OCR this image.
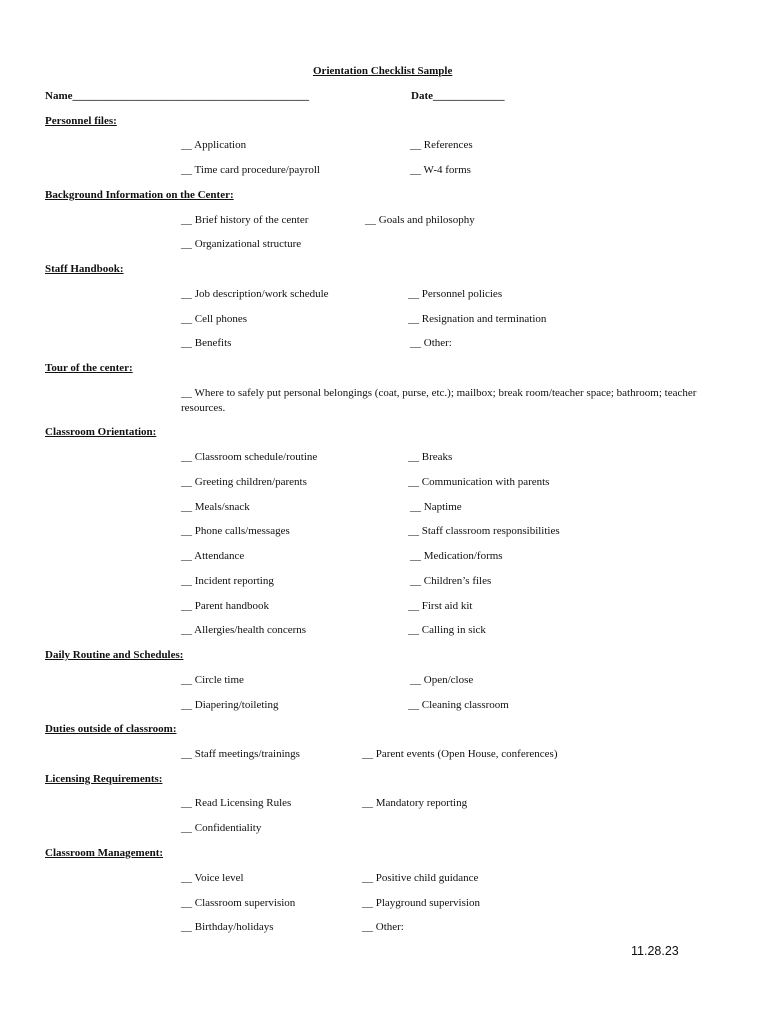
Orientation Checklist Sample
Name___________________________________________	Date_____________
Personnel files:
__ Application	__ References
__ Time card procedure/payroll	__ W-4 forms
Background Information on the Center:
__ Brief history of the center	__ Goals and philosophy
__ Organizational structure
Staff Handbook:
__ Job description/work schedule	__ Personnel policies
__ Cell phones	__ Resignation and termination
__ Benefits	__ Other:
Tour of the center:
__ Where to safely put personal belongings (coat, purse, etc.); mailbox; break room/teacher space; bathroom; teacher
resources.
Classroom Orientation:
__ Classroom schedule/routine	__ Breaks
__ Greeting children/parents	__ Communication with parents
__ Meals/snack	__ Naptime
__ Phone calls/messages	__ Staff classroom responsibilities
__ Attendance	__ Medication/forms
__ Incident reporting	__ Children’s files
__ Parent handbook	__ First aid kit
__ Allergies/health concerns	__ Calling in sick
Daily Routine and Schedules:
__ Circle time	__ Open/close
__ Diapering/toileting	__ Cleaning classroom
Duties outside of classroom:
__ Staff meetings/trainings	__ Parent events (Open House, conferences)
Licensing Requirements:
__ Read Licensing Rules	__ Mandatory reporting
__ Confidentiality
Classroom Management:
__ Voice level	__ Positive child guidance
__ Classroom supervision	__ Playground supervision
__ Birthday/holidays	__ Other:
11.28.23
